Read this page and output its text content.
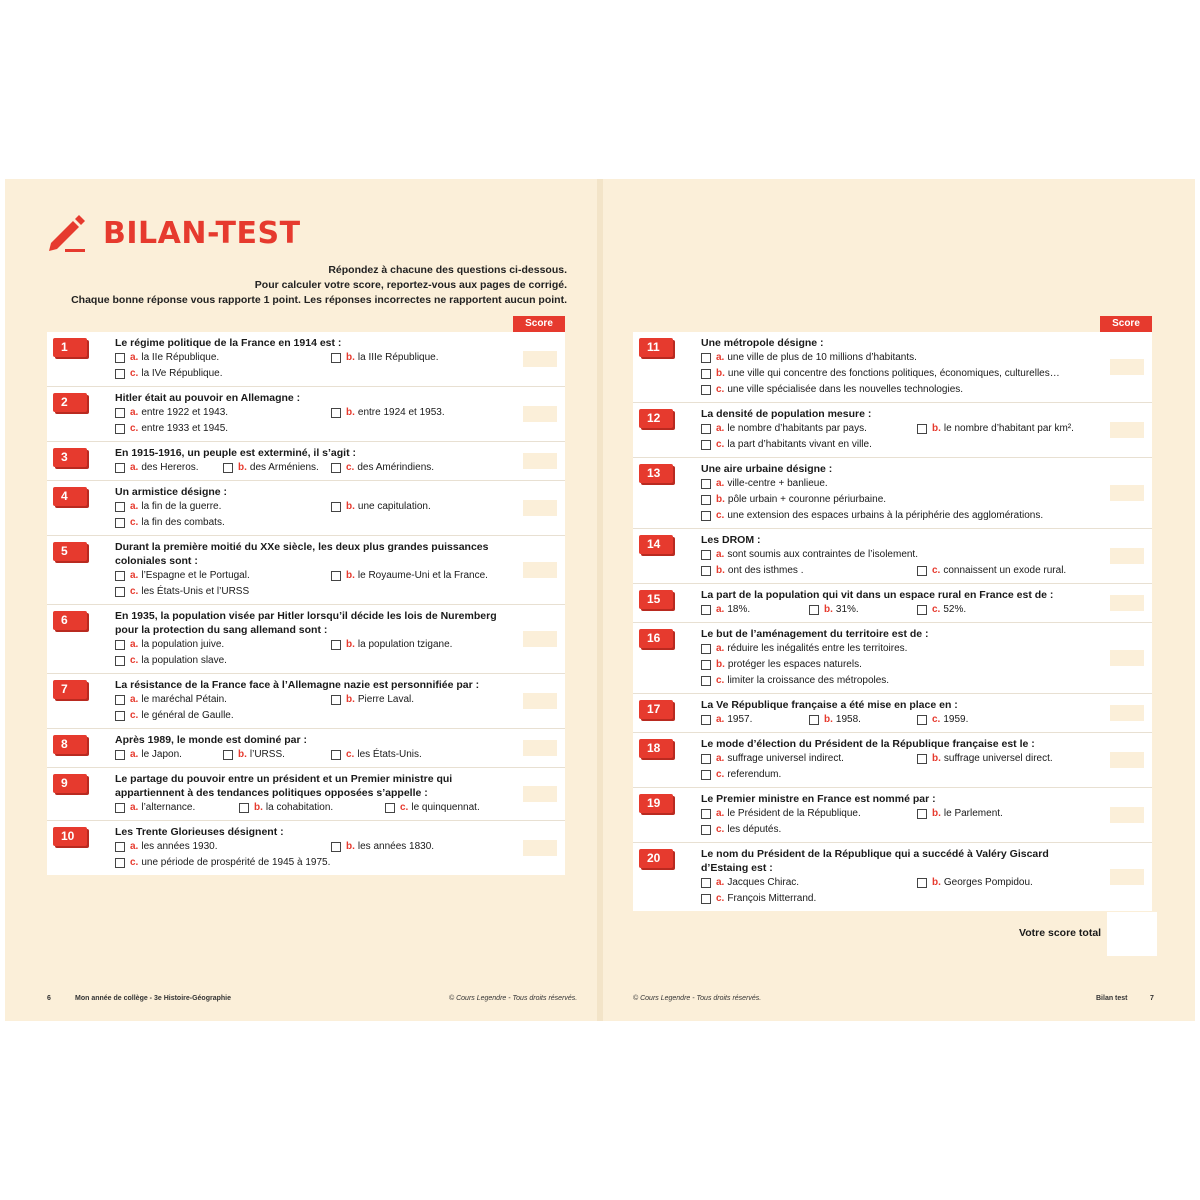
BILAN-TEST
Répondez à chacune des questions ci-dessous.
Pour calculer votre score, reportez-vous aux pages de corrigé.
Chaque bonne réponse vous rapporte 1 point. Les réponses incorrectes ne rapportent aucun point.
Score
1	Le régime politique de la France en 1914 est :
a. la IIe République.	b. la IIIe République.
c. la IVe République.
2	Hitler était au pouvoir en Allemagne :
a. entre 1922 et 1943.	b. entre 1924 et 1953.
c. entre 1933 et 1945.
3	En 1915-1916, un peuple est exterminé, il s’agit :
a. des Hereros.	b. des Arméniens.	c. des Amérindiens.
4	Un armistice désigne :
a. la fin de la guerre.	b. une capitulation.
c. la fin des combats.
5	Durant la première moitié du XXe siècle, les deux plus grandes puissances coloniales sont :
a. l’Espagne et le Portugal.	b. le Royaume-Uni et la France.
c. les États-Unis et l’URSS
6	En 1935, la population visée par Hitler lorsqu’il décide les lois de Nuremberg pour la protection du sang allemand sont :
a. la population juive.	b. la population tzigane.
c. la population slave.
7	La résistance de la France face à l’Allemagne nazie est personnifiée par :
a. le maréchal Pétain.	b. Pierre Laval.
c. le général de Gaulle.
8	Après 1989, le monde est dominé par :
a. le Japon.	b. l’URSS.	c. les États-Unis.
9	Le partage du pouvoir entre un président et un Premier ministre qui appartiennent à des tendances politiques opposées s’appelle :
a. l’alternance.	b. la cohabitation.	c. le quinquennat.
10	Les Trente Glorieuses désignent :
a. les années 1930.	b. les années 1830.
c. une période de prospérité de 1945 à 1975.
6	Mon année de collège - 3e Histoire-Géographie	© Cours Legendre - Tous droits réservés.
Score
11	Une métropole désigne :
a. une ville de plus de 10 millions d’habitants.
b. une ville qui concentre des fonctions politiques, économiques, culturelles…
c. une ville spécialisée dans les nouvelles technologies.
12	La densité de population mesure :
a. le nombre d’habitants par pays.	b. le nombre d’habitant par km².
c. la part d’habitants vivant en ville.
13	Une aire urbaine désigne :
a. ville-centre + banlieue.
b. pôle urbain + couronne périurbaine.
c. une extension des espaces urbains à la périphérie des agglomérations.
14	Les DROM :
a. sont soumis aux contraintes de l’isolement.
b. ont des isthmes .	c. connaissent un exode rural.
15	La part de la population qui vit dans un espace rural en France est de :
a. 18%.	b. 31%.	c. 52%.
16	Le but de l’aménagement du territoire est de :
a. réduire les inégalités entre les territoires.
b. protéger les espaces naturels.
c. limiter la croissance des métropoles.
17	La Ve République française a été mise en place en :
a. 1957.	b. 1958.	c. 1959.
18	Le mode d’élection du Président de la République française est le :
a. suffrage universel indirect.	b. suffrage universel direct.
c. referendum.
19	Le Premier ministre en France est nommé par :
a. le Président de la République.	b. le Parlement.
c. les députés.
20	Le nom du Président de la République qui a succédé à Valéry Giscard d’Estaing est :
a. Jacques Chirac.	b. Georges Pompidou.
c. François Mitterrand.
Votre score total
© Cours Legendre - Tous droits réservés.	Bilan test	7
